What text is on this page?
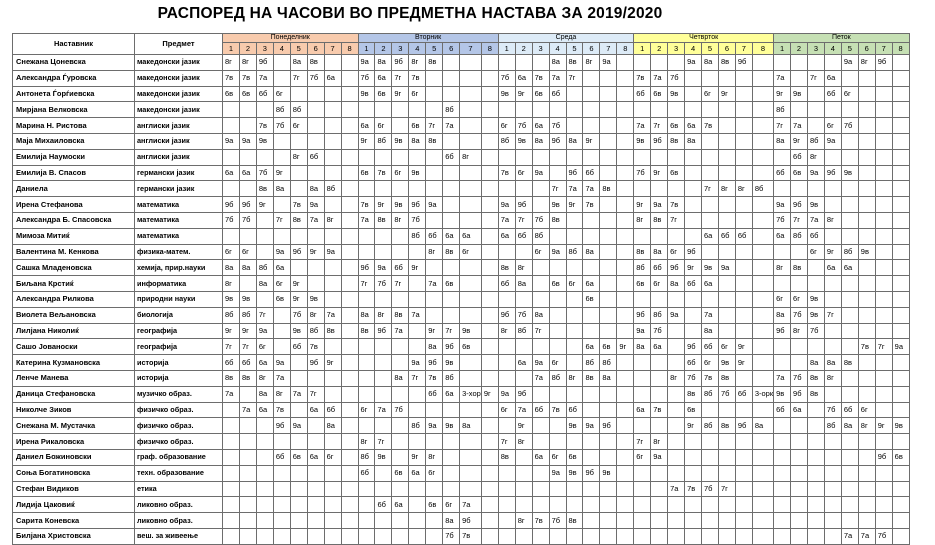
РАСПОРЕД НА ЧАСОВИ ВО ПРЕДМЕТНА НАСТАВА ЗА 2019/2020
Наставник	Предмет	Понеделник								Вторник								Среда								Четврток								Петок							
		1	2	3	4	5	6	7	8	1	2	3	4	5	6	7	8	1	2	3	4	5	6	7	8	1	2	3	4	5	6	7	8	1	2	3	4	5	6	7	8
Снежана Цоневска	македонски јазик	8г	8г	9б		8а	8в			9а	8а	9б	8г	8в							8а	8в	8г	9а					9а	8а	8в	9б						9а	8г	9б	
Александра Ѓуровска	македонски јазик	7в	7в	7а		7г	7б	6а		7б	6а	7г	7в					7б	6а	7в	7а	7г				7в	7а	7б						7а		7г	6а				
Антонета Ѓорѓиевска	македонски јазик	6в	6в	6б	6г					9в	6в	9г	6г					9в	9г	6в	6б					6б	6в	9в		6г	9г			9г	9в		6б	6г			
Мирјана Велковска	македонски јазик				8б	8б									8б																			8б							
Марина Н. Ристова	англиски јазик			7в	7б	6г				6а	6г		6в	7г	7а			6г	7б	6а	7б					7а	7г	6в	6а	7в				7г	7а		6г	7б			
Маја Михаиловска	англиски јазик	9а	9а	9в						9г	8б	9в	8а	8в				8б	9в	8а	9б	8а	9г			9в	9б	8в	8а					8а	9г	8б	9а				
Емилија Наумоски	англиски јазик					8г	6б								6б	8г																			6б	8г					
Емилија В. Спасов	германски јазик	6а	6а	7б	9г					6в	7в	6г	9в					7в	6г	9а		9б	6б			7б	9г	6в						6б	6в	9а	9б	9в			
Даниела	германски јазик			8в	8а		8а	8б													7г	7а	7а	8в						7г	8г	8г	8б								
Ирена Стефанова	математика	9б	9б	9г		7в	9а			7в	9г	9в	9б	9а				9а	9б		9в	9г	7в			9г	9а	7в						9а	9б	9в					
Александра Б. Спасовска	математика	7б	7б		7г	8в	7а	8г		7а	8в	8г	7б					7а	7г	7б	8в					8г	8в	7г						7б	7г	7а	8г				
Мимоза Митиќ	математика												8б	6б	6а	6а		6а	6б	8б										6а	6б	6б		6а	8б	6б					
Валентина М. Кенкова	физика-матем.	6г	6г		9а	9б	9г	9а						8г	8в	6г				6г	9а	8б	8а			8в	8а	6г	9б							6г	9г	8б	9в		
Сашка Младеновска	хемија, прир.науки	8а	8а	8б	6а					9б	9а	6б	9г					8в	8г							8б	6б	9б	9г	9в	9а			8г	8в		6а	6а			
Биљана Крстиќ	информатика	8г		8а	6г	9г				7г	7б	7г		7а	6в			6б	8а		6в	6г	6а			6в	6г	8а	6б	6а											
Александра Рилкова	природни науки	9в	9в		6в	9г	9в																6в											6г	6г	9в					
Виолета Вељановска	биологија	8б	8б	7г		7б	8г	7а		8а	8г	8в	7а					9б	7б	8а						9б	8б	9а		7а				8а	7б	9в	7г				
Лилјана Николиќ	географија	9г	9г	9а		9в	8б	8в		8в	9б	7а		9г	7г	9в		8г	8б	7г						9а	7б			8а				9б	8г	7б					
Сашо Јованоски	географија	7г	7г	6г		6б	7в							8а	9б	6в							6а	6в	9г	8а	6а		9б	6б	6г	9г							7в	7г	9а
Катерина Кузмановска	историја	6б	6б	6а	9а		9б	9г					9а	9б	9в				6а	9а	6г		8б	8б					6б	6г	9в	9г				8а	8а	8в			
Ленче Манева	историја	8в	8в	8г	7а							8а	7г	7в	8б					7а	8б	8г	8в	8а				8г	7б	7в	8в			7а	7б	8в	8г				
Даница Стефановска	музичко образ.	7а		8а	8г	7а	7г							6б	6а	3-хор	9г	9а	9б										8в	8б	7б	6б	3-орк	9в	9б	8в					
Николче Зиков	физичко образ.		7а	6а	7в		6а	6б		6г	7а	7б						6г	7а	6б	7в	6б				6а	7в		6в					6б	6а		7б	6б	6г		
Снежана М. Мустачка	физичко образ.				9б	9а		8а					8б	9а	9в	8а			9г			9в	9а	9б					9г	8б	8в	9б	8а				8б	8а	8г	9г	9в
Ирена Рикаловска	физичко образ.									8г	7г							7г	8г							7г	8г														
Даниел Божиновски	граф. образование				6б	6в	6а	6г		8б	9в		9г	8г				8в		6а	6г	6в				6г	9а													9б	6в
Соња Богатиновска	техн. образование									6б		6в	6а	6г							9а	9в	9б	9в																	
Стефан Видиков	етика																											7а	7в	7б	7г										
Лидија Цаковиќ	ликовно образ.										6б	6а		6в	6г	7а																									
Сарита Коневска	ликовно образ.														8а	9б			8г	7в	7б	8в																			
Билјана Христовска	веш. за живеење														7б	7в																						7а	7а	7б	
